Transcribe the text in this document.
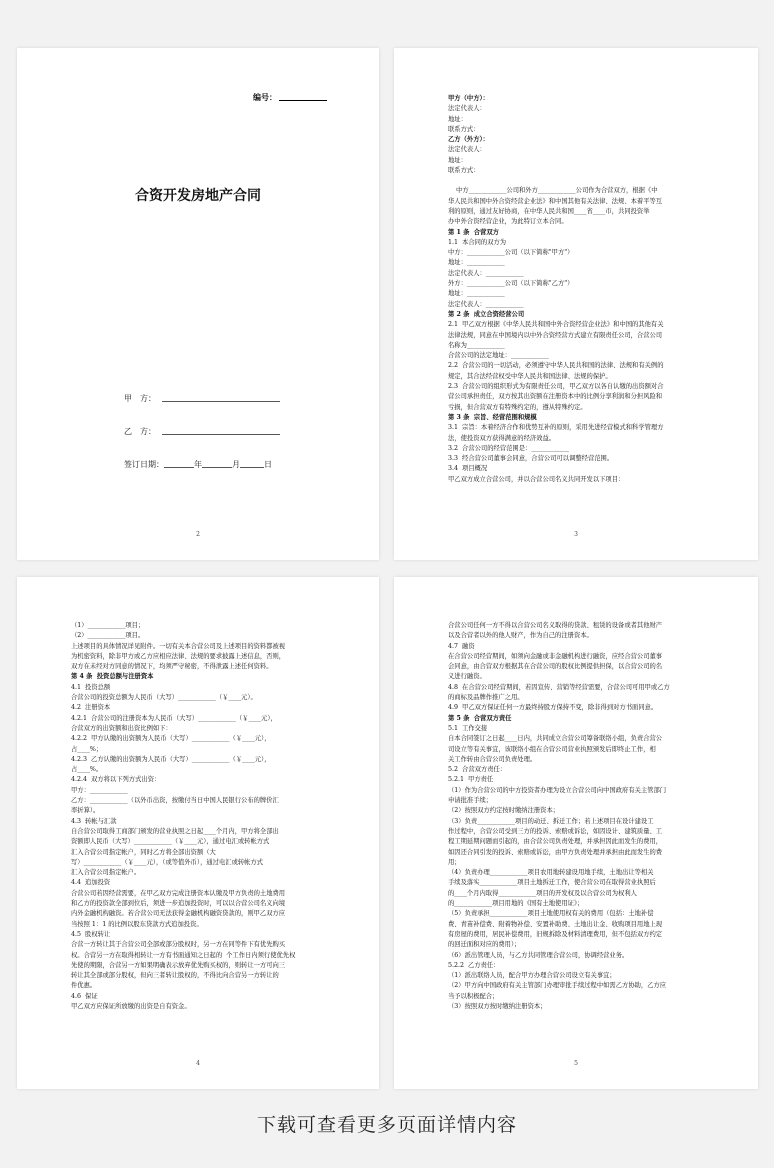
编号：
合资开发房地产合同
甲　方：
乙　方：
签订日期：	年	月	日
2
甲方（中方）：
法定代表人：
地址：
联系方式：
乙方（外方）：
法定代表人：
地址：
联系方式：
中方____________公司和外方____________公司作为合营双方，根据《中
华人民共和国中外合资经营企业法》和中国其他有关法律、法规、本着平等互
利的原则，通过友好协商，在中华人民共和国____省____市，共同投资举
办中外合资经营企业，为此特订立本合同。
第 1 条  合营双方
1.1  本合同的双方为
中方：____________公司（以下简称"甲方"）
地址：____________
法定代表人：____________
外方：____________公司（以下简称"乙方"）
地址：____________
法定代表人：____________
第 2 条  成立合资经营公司
2.1  甲乙双方根据《中华人民共和国中外合资经营企业法》和中国的其他有关
法律法规，同意在中国境内以中外合资经营方式建立有限责任公司，合营公司
名称为____________
合营公司的法定地址：____________
2.2  合营公司的一切活动，必须遵守中华人民共和国的法律、法规和有关例的
规定，其合法经营权受中华人民共和国法律、法规的保护。
2.3  合营公司的组织形式为有限责任公司，甲乙双方以各自认缴的出资额对合
营公司承担责任，双方按其出资额在注册资本中的比例分享利润和分担风险和
亏损，但合营双方有特殊约定的，遵从特殊约定。
第 3 条  宗旨、经营范围和规模
3.1  宗旨：本着经济合作和优势互补的原则，采用先进经营模式和科学管理方
法，使投资双方获得满意的经济效益。
3.2  合营公司的经营范围是：____________
3.3  经合营公司董事会同意，合营公司可以调整经营范围。
3.4  项目概况
甲乙双方成立合营公司，并以合营公司名义共同开发以下项目：
3
（1）____________项目；
（2）____________项目。
上述项目的具体情况详见附件。一切有关本合营公司及上述项目的资料都被视
为机密资料，除非甲方或乙方应相应法律、法规的要求披露上述信息，否则，
双方在未经对方同意的情况下，均须严守秘密，不得泄露上述任何资料。
第 4 条  投资总额与注册资本
4.1  投资总额
合营公司的投资总额为人民币（大写）____________（￥____元）。
4.2  注册资本
4.2.1  合营公司的注册资本为人民币（大写）____________（￥____元），
合营双方的出资额和出资比例如下：
4.2.2  甲方认缴的出资额为人民币（大写）____________（￥____元），
占____%；
4.2.3  乙方认缴的出资额为人民币（大写）____________（￥____元），
占____%。
4.2.4  双方将以下列方式出资：
甲方：____________
乙方：____________（以外币出资，按缴付当日中国人民银行公布的牌价汇
率折算）。
4.3  转帐与汇款
自合营公司取得工商部门颁发的营业执照之日起____个月内，甲方将全部出
资额即人民币（大写）____________（￥____元），通过电汇或转帐方式
汇入合营公司指定帐户，同时乙方将全部出资额（大
写）____________（￥____元），（或等值外币），通过电汇或转帐方式
汇入合营公司指定帐户。
4.4  追加投资
合营公司若因经营需要，在甲乙双方完成注册资本认缴及甲方负责的土地费用
和乙方的投资款全部到位后，须进一步追加投资时，可以以合营公司名义向境
内外金融机构融资。若合营公司无法获得金融机构融资贷款的，则甲乙双方应
当按照 1：1 的比例以股东贷款方式追加投资。
4.5  股权转让
合营一方转让其于合营公司全部或部分股权时，另一方在同等件下有优先购买
权。合营另一方在取得相转让一方有书面通知之日起的  个工作日内须行使优先权
先使的期限，合营另一方如果明确表示放弃优先购买权的，则转让一方可向三
转让其全部或部分股权，但向三者转让股权的，不得比向合营另一方转让的
件优惠。
4.6  保证
甲乙双方应保证所放缴的出资是自有资金。
4
合营公司任何一方不得以合营公司名义取得的贷款、租赁的设备或者其他财产
以及合营者以外的他人财产，作为自己的注册资本。
4.7  融资
在合营公司经营期间，如须向金融或非金融机构进行融资，应经合营公司董事
会同意，由合营双方根据其在合营公司的股权比例提供担保，以合营公司的名
义进行融资。
4.8  在合营公司经营期间，若因宣传、营销等经营需要，合营公司可用甲或乙方
的商标及品牌作推广之用。
4.9  甲乙双方保证任何一方最终持股方保持不变，除非得到对方书面同意。
第 5 条  合营双方责任
5.1  工作交接
自本合同签订之日起____日内，共同成立合营公司筹备联络小组，负责合营公
司设立等有关事宜，该联络小组在合营公司营业执照颁发后即终止工作，相
关工作转由合营公司负责处理。
5.2  合营双方责任：
5.2.1  甲方责任
（1）作为合营公司的中方投资者办理为设立合营公司向中国政府有关主管部门
申请批准手续；
（2）按照双方约定按时缴纳注册资本；
（3）负责____________项目的动迁、拆迁工作；若上述项目在设计建设工
作过程中，合营公司受到三方的投诉、索赔或诉讼，如因设计、建筑质量、工
程工期延期问题而引起的，由合营公司负责处理，并承担因此而发生的费用，
如因还合同引发的投诉、索赔或诉讼，由甲方负责处理并承担由此而发生的费
用；
（4）负责办理____________项目农用地转建设用地手续，土地出让等相关
手续及落实____________项目土地拆迁工作，使合营公司在取得营业执照后
的____个月内取得____________项目的开发权及以合营公司为权利人
的____________项目用地的《国有土地使用证》；
（5）负责承担____________项目土地使用权有关的费用（包括：土地补偿
费、青苗补偿费、附着物补偿、安置补助费、土地出让金、收购项目用地上现
有房屋的费用，居民补偿费用，旧规拆除及材料清理费用，但不包括双方约定
的回迁面积对应的费用）；
（6）派出管理人员，与乙方共同管理合营公司，协调经营业务。
5.2.2  乙方责任：
（1）派出联络人员，配合甲方办理合营公司设立有关事宜；
（2）甲方向中国政府有关主管部门办理审批手续过程中如需乙方协助，乙方应
当予以积极配合；
（3）按照双方按时缴纳注册资本；
5
下载可查看更多页面详情内容
